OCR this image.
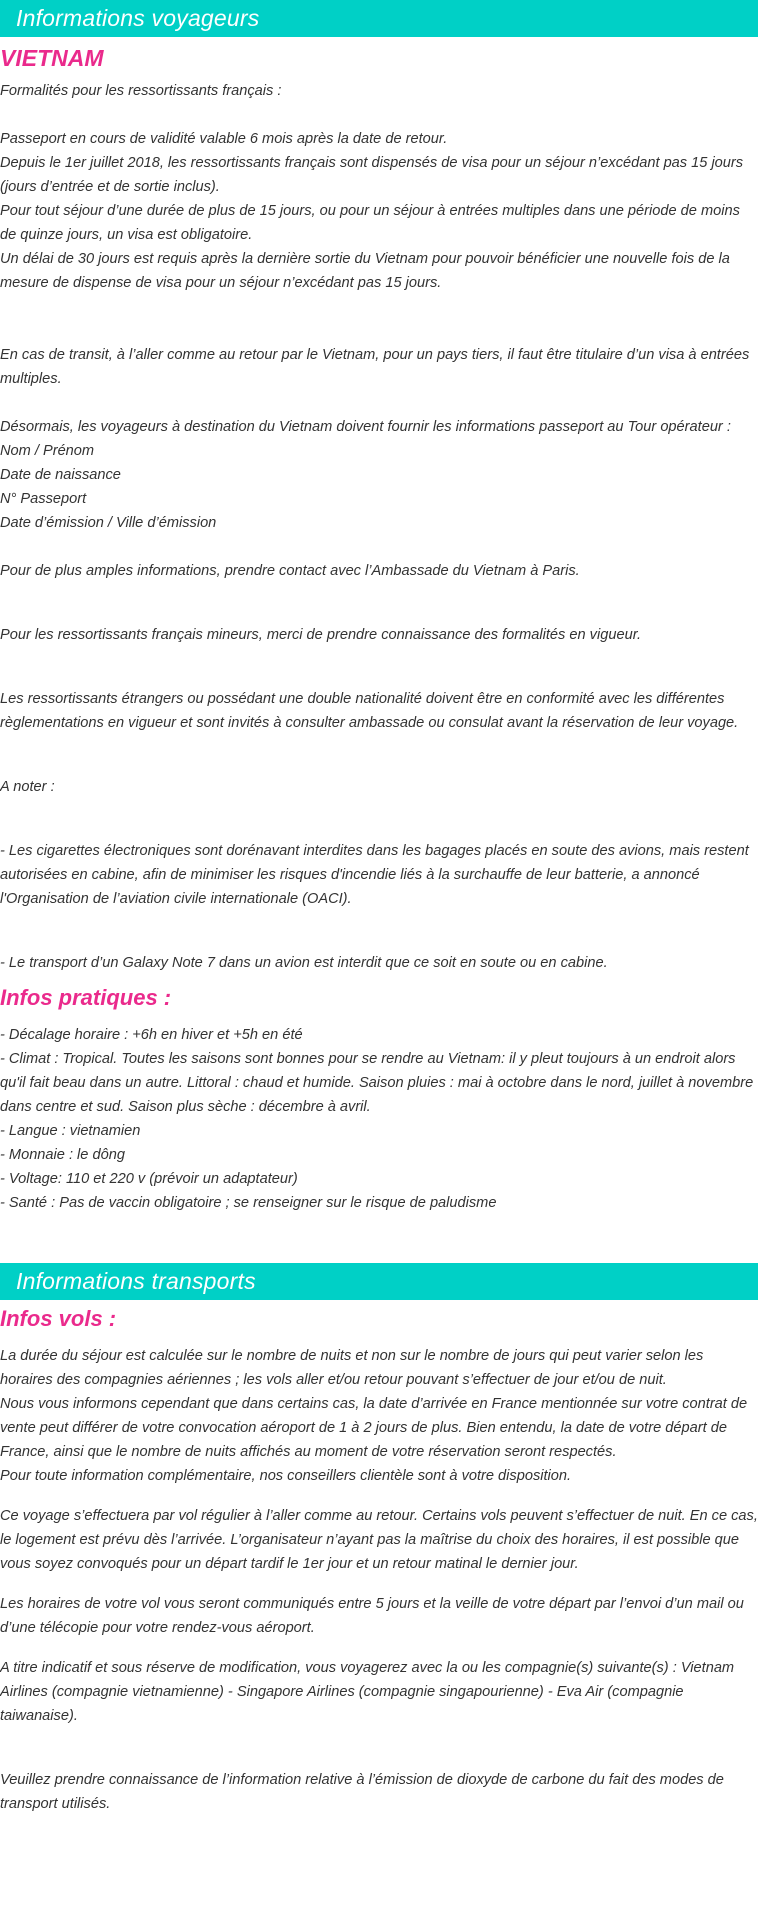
Informations voyageurs
VIETNAM

Formalités pour les ressortissants français :

Passeport en cours de validité valable 6 mois après la date de retour.

Depuis le 1er juillet 2018, les ressortissants français sont dispensés de visa pour un séjour n’excédant pas 15 jours (jours d’entrée et de sortie inclus).

Pour tout séjour d’une durée de plus de 15 jours, ou pour un séjour à entrées multiples dans une période de moins de quinze jours, un visa est obligatoire.

Un délai de 30 jours est requis après la dernière sortie du Vietnam pour pouvoir bénéficier une nouvelle fois de la mesure de dispense de visa pour un séjour n’excédant pas 15 jours.

En cas de transit, à l’aller comme au retour par le Vietnam, pour un pays tiers, il faut être titulaire d’un visa à entrées multiples.

Désormais, les voyageurs à destination du Vietnam doivent fournir les informations passeport au Tour opérateur :

Nom / Prénom

Date de naissance

N° Passeport

Date d’émission / Ville d’émission

Pour de plus amples informations, prendre contact avec l’Ambassade du Vietnam à Paris.

Pour les ressortissants français mineurs, merci de prendre connaissance des formalités en vigueur.

Les ressortissants étrangers ou possédant une double nationalité doivent être en conformité avec les différentes règlementations en vigueur et sont invités à consulter ambassade ou consulat avant la réservation de leur voyage.

A noter :

- Les cigarettes électroniques sont dorénavant interdites dans les bagages placés en soute des avions, mais restent autorisées en cabine, afin de minimiser les risques d'incendie liés à la surchauffe de leur batterie, a annoncé l'Organisation de l’aviation civile internationale (OACI).

- Le transport d’un Galaxy Note 7 dans un avion est interdit que ce soit en soute ou en cabine.

Infos pratiques :

- Décalage horaire : +6h en hiver et +5h en été

- Climat : Tropical. Toutes les saisons sont bonnes pour se rendre au Vietnam: il y pleut toujours à un endroit alors qu'il fait beau dans un autre. Littoral : chaud et humide. Saison pluies : mai à octobre dans le nord, juillet à novembre dans centre et sud. Saison plus sèche : décembre à avril.

- Langue : vietnamien

- Monnaie : le dông

- Voltage: 110 et 220 v (prévoir un adaptateur)

- Santé : Pas de vaccin obligatoire ; se renseigner sur le risque de paludisme

Informations transports
Infos vols :

La durée du séjour est calculée sur le nombre de nuits et non sur le nombre de jours qui peut varier selon les horaires des compagnies aériennes ; les vols aller et/ou retour pouvant s’effectuer de jour et/ou de nuit.

Nous vous informons cependant que dans certains cas, la date d’arrivée en France mentionnée sur votre contrat de vente peut différer de votre convocation aéroport de 1 à 2 jours de plus. Bien entendu, la date de votre départ de France, ainsi que le nombre de nuits affichés au moment de votre réservation seront respectés.

Pour toute information complémentaire, nos conseillers clientèle sont à votre disposition.

Ce voyage s’effectuera par vol régulier à l’aller comme au retour. Certains vols peuvent s’effectuer de nuit. En ce cas, le logement est prévu dès l’arrivée. L’organisateur n’ayant pas la maîtrise du choix des horaires, il est possible que vous soyez convoqués pour un départ tardif le 1er jour et un retour matinal le dernier jour.

Les horaires de votre vol vous seront communiqués entre 5 jours et la veille de votre départ par l’envoi d’un mail ou d’une télécopie pour votre rendez-vous aéroport.

A titre indicatif et sous réserve de modification, vous voyagerez avec la ou les compagnie(s) suivante(s) : Vietnam Airlines (compagnie vietnamienne) - Singapore Airlines (compagnie singapourienne) - Eva Air (compagnie taiwanaise).

Veuillez prendre connaissance de l’information relative à l’émission de dioxyde de carbone du fait des modes de transport utilisés.
